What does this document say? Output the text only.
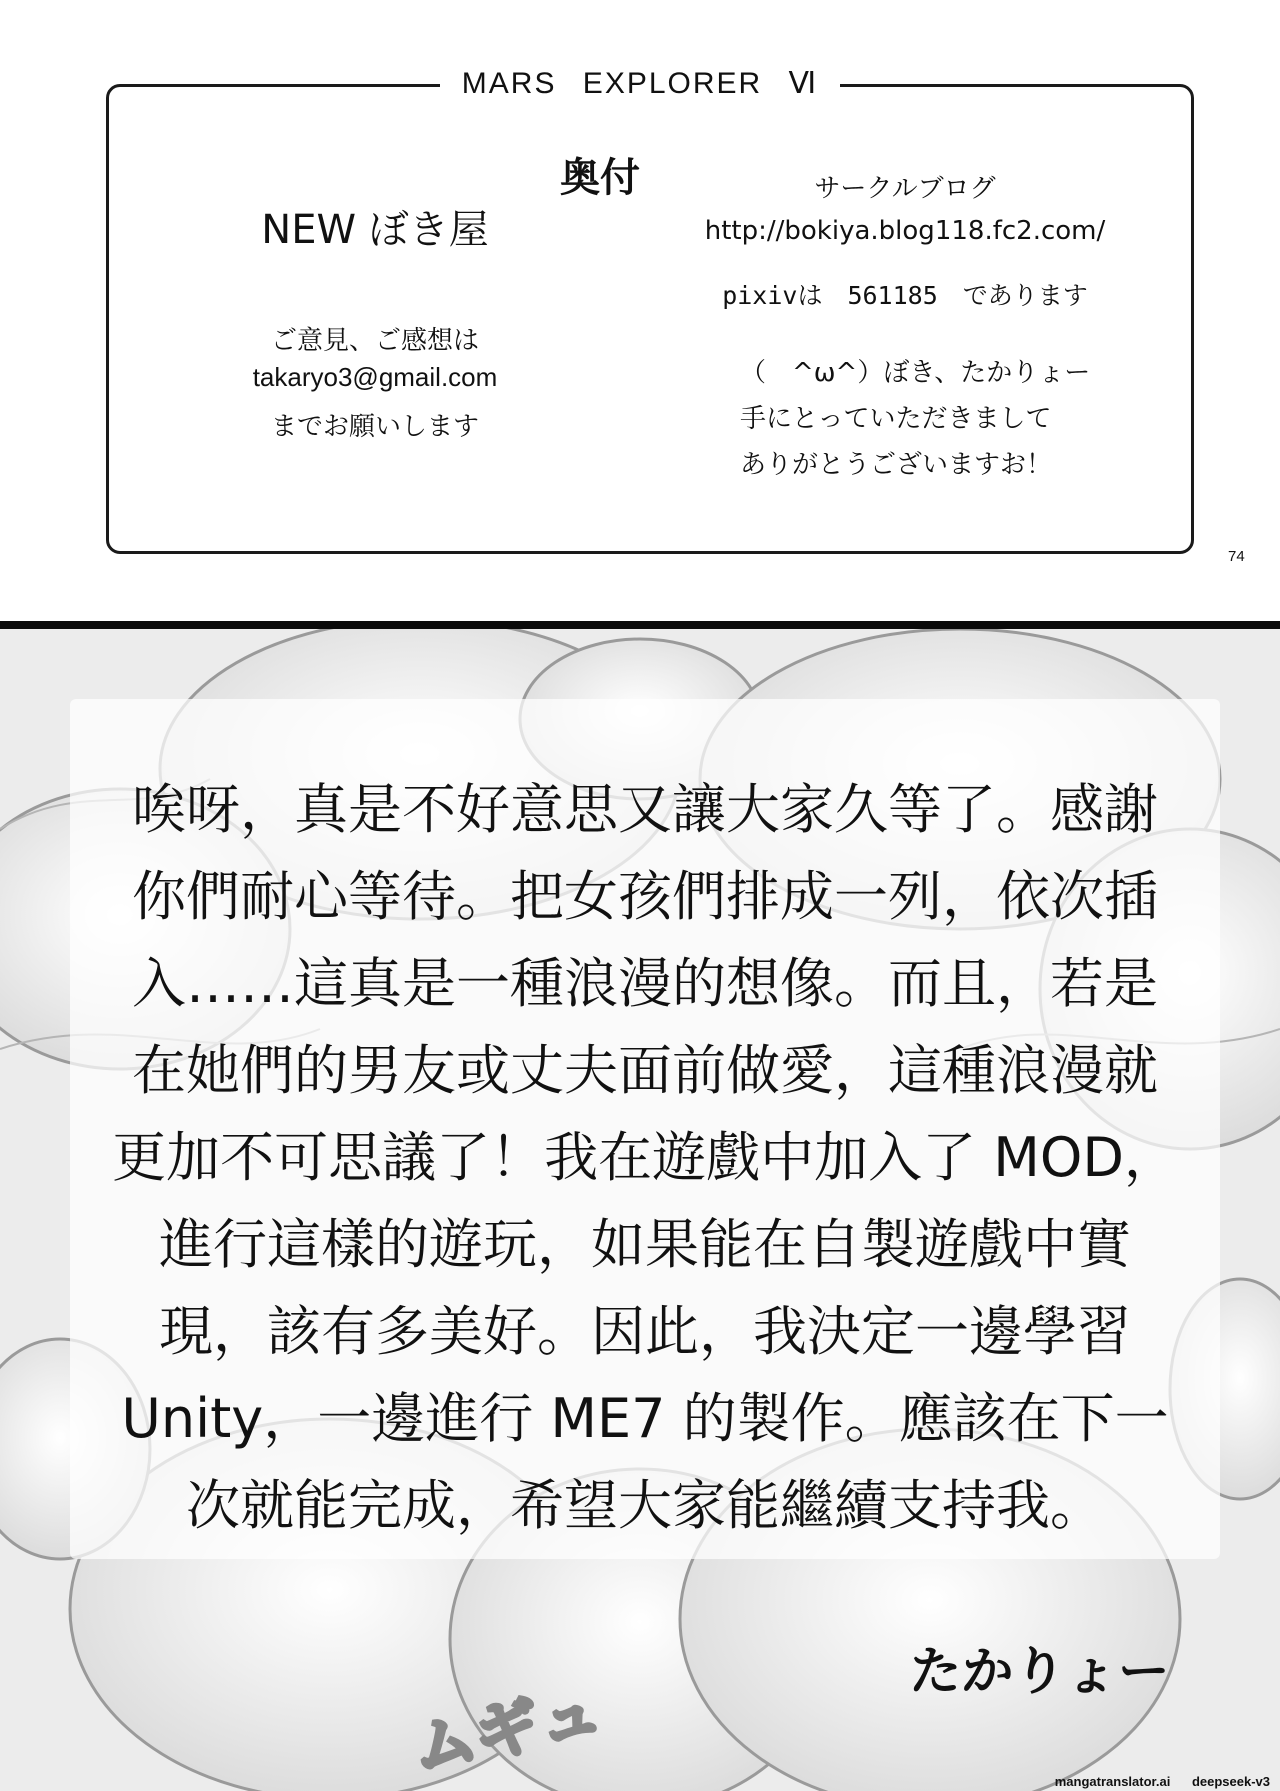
MARS EXPLORER Ⅵ
奥付
NEW ぼき屋
ご意見、ご感想は
takaryo3@gmail.com
までお願いします
サークルブログ
http://bokiya.blog118.fc2.com/
pixivは　561185　であります
（　^ω^）ぼき、たかりょー
手にとっていただきまして
ありがとうございますお！
74
唉呀，真是不好意思又讓大家久等了。感謝
你們耐心等待。把女孩們排成一列，依次插
入……這真是一種浪漫的想像。而且，若是
在她們的男友或丈夫面前做愛，這種浪漫就
更加不可思議了！我在遊戲中加入了 MOD，
進行這樣的遊玩，如果能在自製遊戲中實
現，該有多美好。因此，我決定一邊學習
Unity，一邊進行 ME7 的製作。應該在下一
次就能完成，希望大家能繼續支持我。
ムギュ
たかりょー
mangatranslator.ai deepseek-v3
